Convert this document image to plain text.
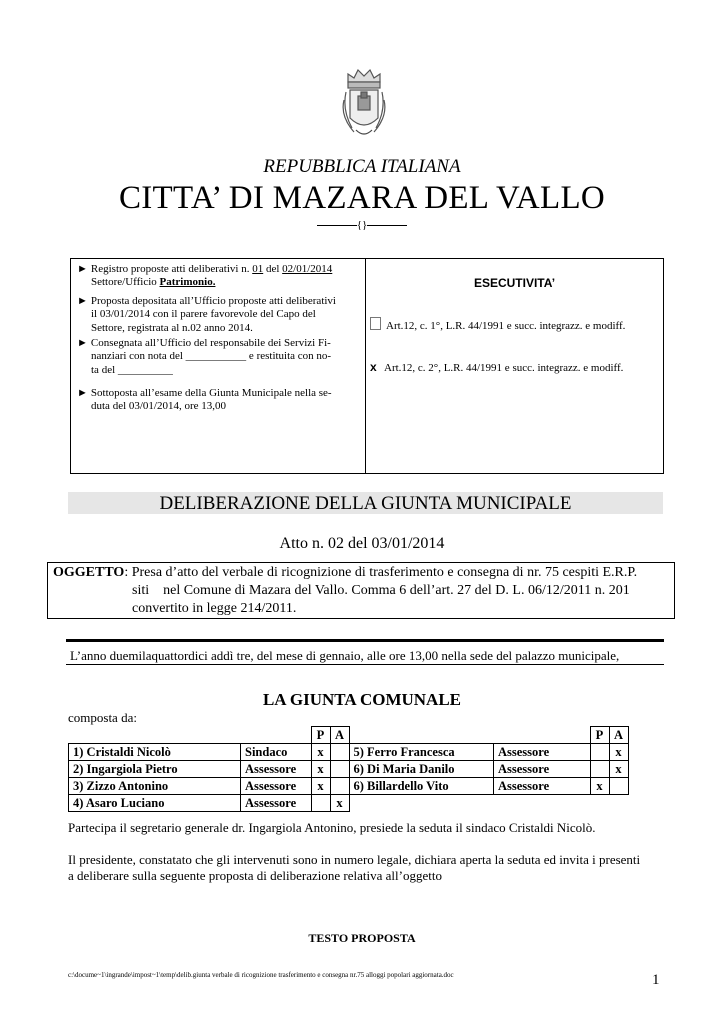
REPUBBLICA ITALIANA
CITTA’ DI MAZARA DEL VALLO
{}
► Registro proposte atti deliberativi n. 01 del 02/01/2014
Settore/Ufficio Patrimonio.
► Proposta depositata all’Ufficio proposte atti deliberativi
il 03/01/2014 con il parere favorevole del Capo del
Settore, registrata al n.02 anno 2014.
► Consegnata all’Ufficio del responsabile dei Servizi Fi-
nanziari con nota del ___________ e restituita con no-
ta del __________
► Sottoposta all’esame della Giunta Municipale nella se-
duta del 03/01/2014, ore 13,00
ESECUTIVITA’
Art.12, c. 1°, L.R. 44/1991 e succ. integrazz. e modiff.
x Art.12, c. 2°, L.R. 44/1991 e succ. integrazz. e modiff.
DELIBERAZIONE DELLA GIUNTA MUNICIPALE
Atto n. 02 del 03/01/2014
OGGETTO: Presa d’atto del verbale di ricognizione di trasferimento e consegna di nr. 75 cespiti E.R.P.
siti    nel Comune di Mazara del Vallo. Comma 6 dell’art. 27 del D. L. 06/12/2011 n. 201
convertito in legge 214/2011.
L’anno duemilaquattordici addì tre, del mese di gennaio, alle ore 13,00 nella sede del palazzo municipale,
LA GIUNTA COMUNALE
composta da:
		P	A			P	A
1) Cristaldi Nicolò	Sindaco	x		5) Ferro Francesca	Assessore		x
2) Ingargiola Pietro	Assessore	x		6) Di Maria Danilo	Assessore		x
3) Zizzo Antonino	Assessore	x		6) Billardello Vito	Assessore	x	
4) Asaro Luciano	Assessore		x				
Partecipa il segretario generale dr. Ingargiola Antonino, presiede la seduta il sindaco Cristaldi Nicolò.
Il presidente, constatato che gli intervenuti sono in numero legale, dichiara aperta la seduta ed invita i presenti
a deliberare sulla seguente proposta di deliberazione relativa all’oggetto
TESTO PROPOSTA
c:\docume~1\ingrande\impost~1\temp\delib.giunta verbale di ricognizione trasferimento e consegna nr.75 alloggi popolari aggiornata.doc	1
